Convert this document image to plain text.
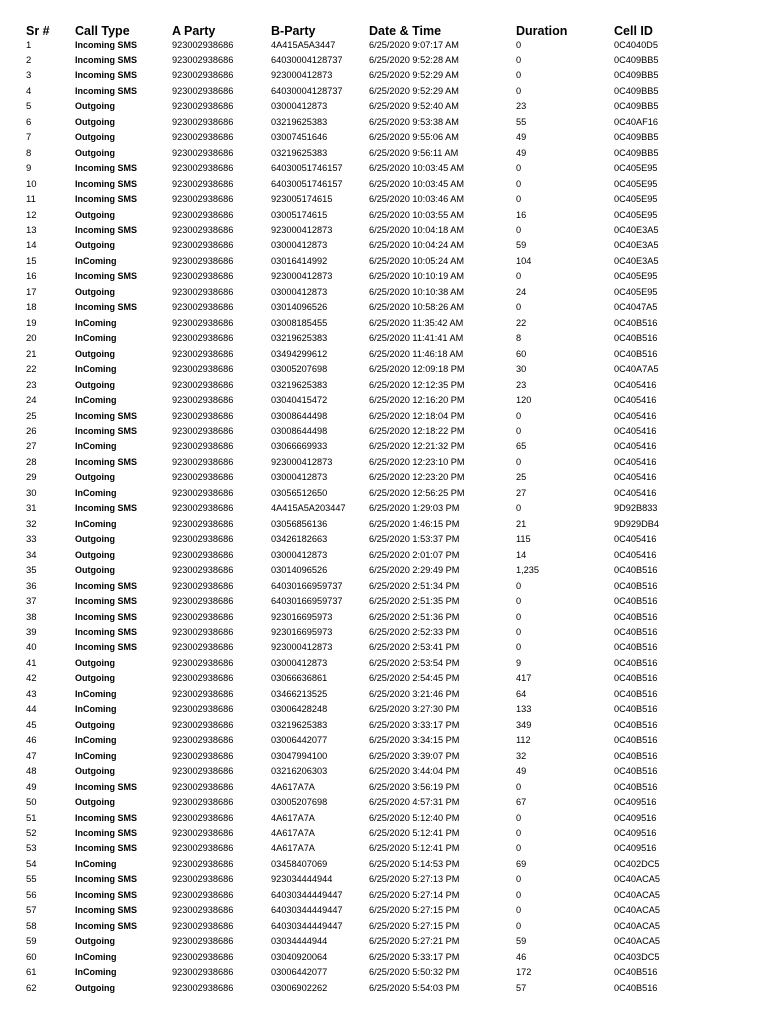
Sr # Call Type	A Party	B-Party	Date & Time	Duration	Cell ID
1	Incoming SMS	923002938686	4A415A5A3447	6/25/2020 9:07:17 AM	0	0C4040D5
2	Incoming SMS	923002938686	64030004128737	6/25/2020 9:52:28 AM	0	0C409BB5
3	Incoming SMS	923002938686	923000412873	6/25/2020 9:52:29 AM	0	0C409BB5
4	Incoming SMS	923002938686	64030004128737	6/25/2020 9:52:29 AM	0	0C409BB5
5	Outgoing	923002938686	03000412873	6/25/2020 9:52:40 AM	23	0C409BB5
6	Outgoing	923002938686	03219625383	6/25/2020 9:53:38 AM	55	0C40AF16
7	Outgoing	923002938686	03007451646	6/25/2020 9:55:06 AM	49	0C409BB5
8	Outgoing	923002938686	03219625383	6/25/2020 9:56:11 AM	49	0C409BB5
9	Incoming SMS	923002938686	64030051746157	6/25/2020 10:03:45 AM	0	0C405E95
10	Incoming SMS	923002938686	64030051746157	6/25/2020 10:03:45 AM	0	0C405E95
11	Incoming SMS	923002938686	923005174615	6/25/2020 10:03:46 AM	0	0C405E95
12	Outgoing	923002938686	03005174615	6/25/2020 10:03:55 AM	16	0C405E95
13	Incoming SMS	923002938686	923000412873	6/25/2020 10:04:18 AM	0	0C40E3A5
14	Outgoing	923002938686	03000412873	6/25/2020 10:04:24 AM	59	0C40E3A5
15	InComing	923002938686	03016414992	6/25/2020 10:05:24 AM	104	0C40E3A5
16	Incoming SMS	923002938686	923000412873	6/25/2020 10:10:19 AM	0	0C405E95
17	Outgoing	923002938686	03000412873	6/25/2020 10:10:38 AM	24	0C405E95
18	Incoming SMS	923002938686	03014096526	6/25/2020 10:58:26 AM	0	0C4047A5
19	InComing	923002938686	03008185455	6/25/2020 11:35:42 AM	22	0C40B516
20	InComing	923002938686	03219625383	6/25/2020 11:41:41 AM	8	0C40B516
21	Outgoing	923002938686	03494299612	6/25/2020 11:46:18 AM	60	0C40B516
22	InComing	923002938686	03005207698	6/25/2020 12:09:18 PM	30	0C40A7A5
23	Outgoing	923002938686	03219625383	6/25/2020 12:12:35 PM	23	0C405416
24	InComing	923002938686	03040415472	6/25/2020 12:16:20 PM	120	0C405416
25	Incoming SMS	923002938686	03008644498	6/25/2020 12:18:04 PM	0	0C405416
26	Incoming SMS	923002938686	03008644498	6/25/2020 12:18:22 PM	0	0C405416
27	InComing	923002938686	03066669933	6/25/2020 12:21:32 PM	65	0C405416
28	Incoming SMS	923002938686	923000412873	6/25/2020 12:23:10 PM	0	0C405416
29	Outgoing	923002938686	03000412873	6/25/2020 12:23:20 PM	25	0C405416
30	InComing	923002938686	03056512650	6/25/2020 12:56:25 PM	27	0C405416
31	Incoming SMS	923002938686	4A415A5A203447	6/25/2020 1:29:03 PM	0	9D92B833
32	InComing	923002938686	03056856136	6/25/2020 1:46:15 PM	21	9D929DB4
33	Outgoing	923002938686	03426182663	6/25/2020 1:53:37 PM	115	0C405416
34	Outgoing	923002938686	03000412873	6/25/2020 2:01:07 PM	14	0C405416
35	Outgoing	923002938686	03014096526	6/25/2020 2:29:49 PM	1,235	0C40B516
36	Incoming SMS	923002938686	64030166959737	6/25/2020 2:51:34 PM	0	0C40B516
37	Incoming SMS	923002938686	64030166959737	6/25/2020 2:51:35 PM	0	0C40B516
38	Incoming SMS	923002938686	923016695973	6/25/2020 2:51:36 PM	0	0C40B516
39	Incoming SMS	923002938686	923016695973	6/25/2020 2:52:33 PM	0	0C40B516
40	Incoming SMS	923002938686	923000412873	6/25/2020 2:53:41 PM	0	0C40B516
41	Outgoing	923002938686	03000412873	6/25/2020 2:53:54 PM	9	0C40B516
42	Outgoing	923002938686	03066636861	6/25/2020 2:54:45 PM	417	0C40B516
43	InComing	923002938686	03466213525	6/25/2020 3:21:46 PM	64	0C40B516
44	InComing	923002938686	03006428248	6/25/2020 3:27:30 PM	133	0C40B516
45	Outgoing	923002938686	03219625383	6/25/2020 3:33:17 PM	349	0C40B516
46	InComing	923002938686	03006442077	6/25/2020 3:34:15 PM	112	0C40B516
47	InComing	923002938686	03047994100	6/25/2020 3:39:07 PM	32	0C40B516
48	Outgoing	923002938686	03216206303	6/25/2020 3:44:04 PM	49	0C40B516
49	Incoming SMS	923002938686	4A617A7A	6/25/2020 3:56:19 PM	0	0C40B516
50	Outgoing	923002938686	03005207698	6/25/2020 4:57:31 PM	67	0C409516
51	Incoming SMS	923002938686	4A617A7A	6/25/2020 5:12:40 PM	0	0C409516
52	Incoming SMS	923002938686	4A617A7A	6/25/2020 5:12:41 PM	0	0C409516
53	Incoming SMS	923002938686	4A617A7A	6/25/2020 5:12:41 PM	0	0C409516
54	InComing	923002938686	03458407069	6/25/2020 5:14:53 PM	69	0C402DC5
55	Incoming SMS	923002938686	923034444944	6/25/2020 5:27:13 PM	0	0C40ACA5
56	Incoming SMS	923002938686	64030344449447	6/25/2020 5:27:14 PM	0	0C40ACA5
57	Incoming SMS	923002938686	64030344449447	6/25/2020 5:27:15 PM	0	0C40ACA5
58	Incoming SMS	923002938686	64030344449447	6/25/2020 5:27:15 PM	0	0C40ACA5
59	Outgoing	923002938686	03034444944	6/25/2020 5:27:21 PM	59	0C40ACA5
60	InComing	923002938686	03040920064	6/25/2020 5:33:17 PM	46	0C403DC5
61	InComing	923002938686	03006442077	6/25/2020 5:50:32 PM	172	0C40B516
62	Outgoing	923002938686	03006902262	6/25/2020 5:54:03 PM	57	0C40B516
